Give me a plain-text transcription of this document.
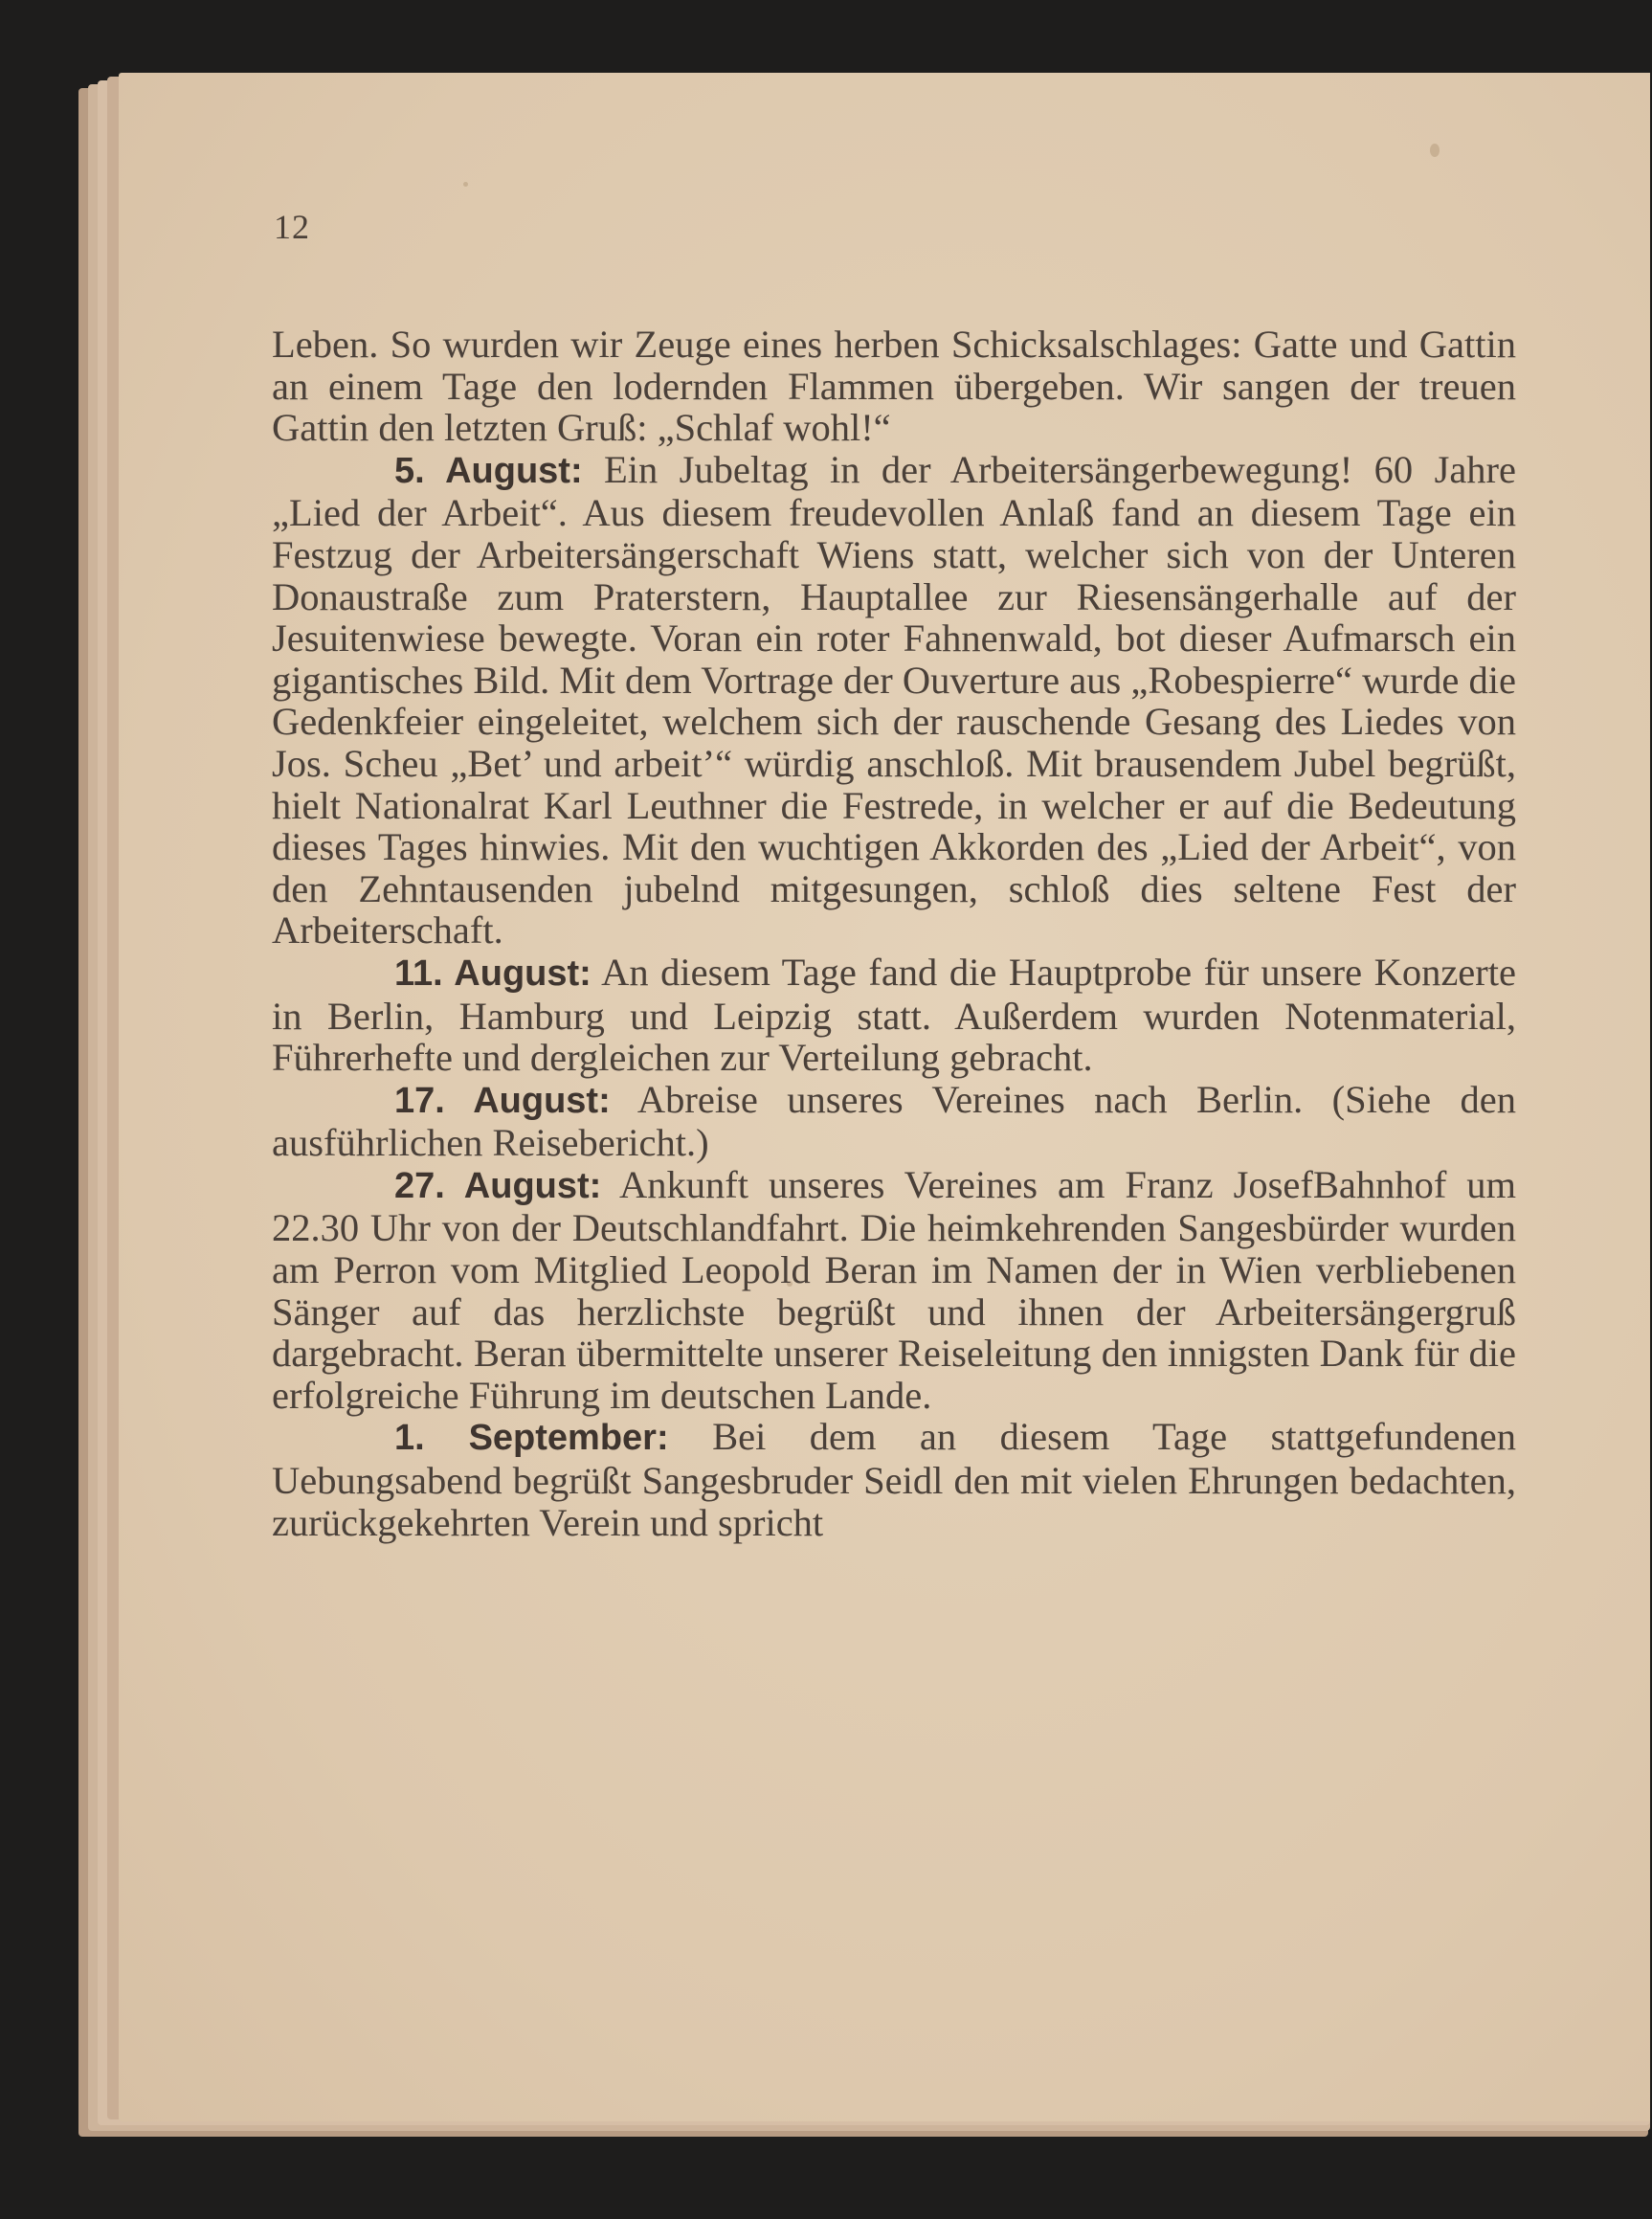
12

Leben. So wurden wir Zeuge eines herben Schicksalschlages: Gatte und Gattin an einem Tage den lodernden Flammen übergeben. Wir sangen der treuen Gattin den letzten Gruß: „Schlaf wohl!“

5. August: Ein Jubeltag in der Arbeitersängerbewegung! 60 Jahre „Lied der Arbeit“. Aus diesem freudevollen Anlaß fand an diesem Tage ein Festzug der Arbeitersängerschaft Wiens statt, welcher sich von der Unteren Donaustraße zum Praterstern, Hauptallee zur Riesensängerhalle auf der Jesuitenwiese bewegte. Voran ein roter Fahnenwald, bot dieser Aufmarsch ein gigantisches Bild. Mit dem Vortrage der Ouverture aus „Robespierre“ wurde die Gedenkfeier eingeleitet, welchem sich der rauschende Gesang des Liedes von Jos. Scheu „Bet’ und arbeit’“ würdig anschloß. Mit brausendem Jubel begrüßt, hielt Nationalrat Karl Leuthner die Festrede, in welcher er auf die Bedeutung dieses Tages hinwies. Mit den wuchtigen Akkorden des „Lied der Arbeit“, von den Zehntausenden jubelnd mitgesungen, schloß dies seltene Fest der Arbeiterschaft.

11. August: An diesem Tage fand die Hauptprobe für unsere Konzerte in Berlin, Hamburg und Leipzig statt. Außerdem wurden Notenmaterial, Führerhefte und dergleichen zur Verteilung gebracht.

17. August: Abreise unseres Vereines nach Berlin. (Siehe den ausführlichen Reisebericht.)

27. August: Ankunft unseres Vereines am Franz JosefBahnhof um 22.30 Uhr von der Deutschlandfahrt. Die heimkehrenden Sangesbürder wurden am Perron vom Mitglied Leopold Beran im Namen der in Wien verbliebenen Sänger auf das herzlichste begrüßt und ihnen der Arbeitersängergruß dargebracht. Beran übermittelte unserer Reiseleitung den innigsten Dank für die erfolgreiche Führung im deutschen Lande.

1. September: Bei dem an diesem Tage stattgefundenen Uebungsabend begrüßt Sangesbruder Seidl den mit vielen Ehrungen bedachten, zurückgekehrten Verein und spricht
